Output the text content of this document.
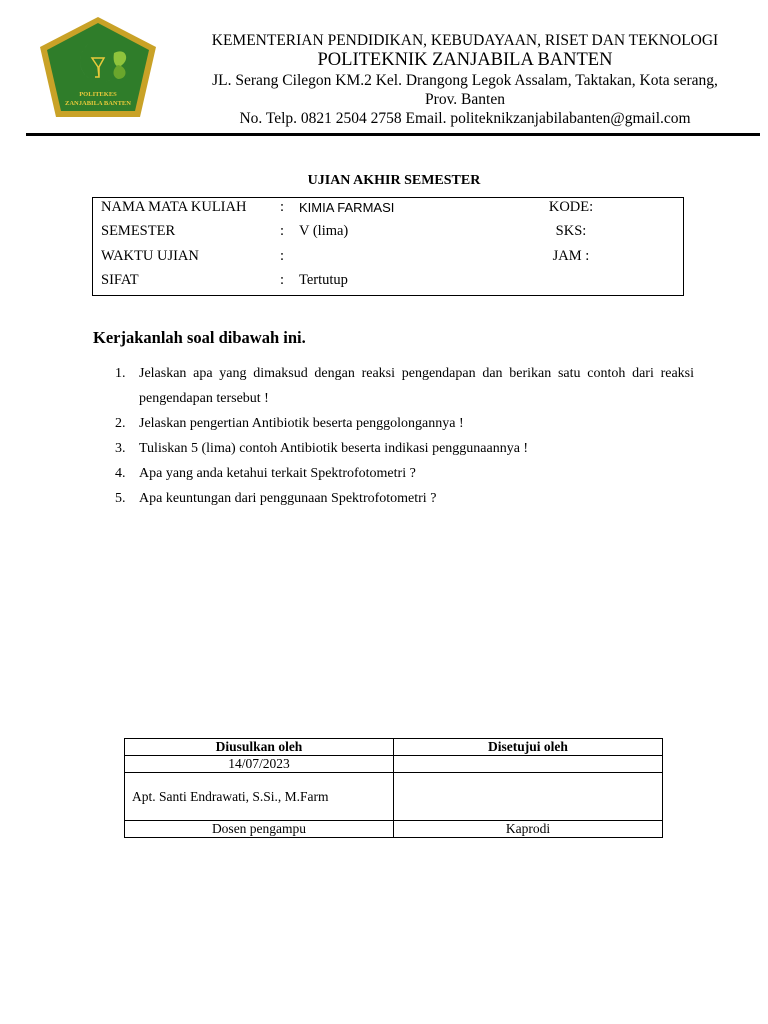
POLITEKES
ZANJABILA BANTEN
KEMENTERIAN PENDIDIKAN, KEBUDAYAAN, RISET DAN TEKNOLOGI
POLITEKNIK ZANJABILA BANTEN
JL. Serang Cilegon KM.2 Kel. Drangong Legok Assalam, Taktakan, Kota serang,
Prov. Banten
No. Telp. 0821 2504 2758 Email. politeknikzanjabilabanten@gmail.com
UJIAN AKHIR SEMESTER
NAMA MATA KULIAH : KIMIA FARMASI	KODE:
SEMESTER	: V (lima)	SKS:
WAKTU UJIAN	:	JAM :
SIFAT	: Tertutup
Kerjakanlah soal dibawah ini.
1. Jelaskan apa yang dimaksud dengan reaksi pengendapan dan berikan satu contoh dari reaksi pengendapan tersebut !
2. Jelaskan pengertian Antibiotik beserta penggolongannya !
3. Tuliskan 5 (lima) contoh Antibiotik beserta indikasi penggunaannya !
4. Apa yang anda ketahui terkait Spektrofotometri ?
5. Apa keuntungan dari penggunaan Spektrofotometri ?
Diusulkan oleh	Disetujui oleh
14/07/2023	
Apt. Santi Endrawati, S.Si., M.Farm	
Dosen pengampu	Kaprodi
